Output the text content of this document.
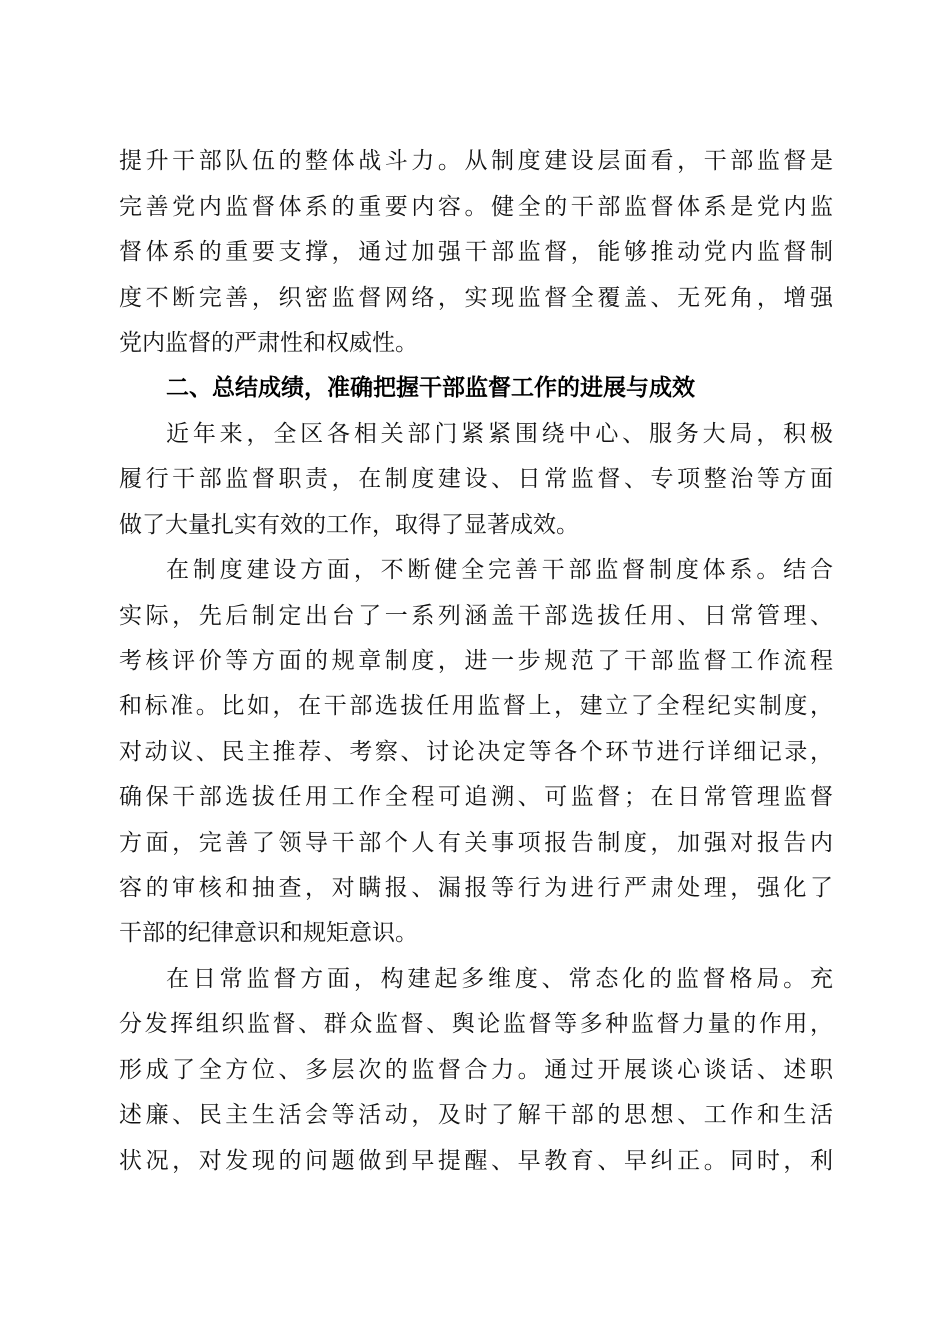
提升干部队伍的整体战斗力。从制度建设层面看，干部监督是
完善党内监督体系的重要内容。健全的干部监督体系是党内监
督体系的重要支撑，通过加强干部监督，能够推动党内监督制
度不断完善，织密监督网络，实现监督全覆盖、无死角，增强
党内监督的严肃性和权威性。
二、总结成绩，准确把握干部监督工作的进展与成效
近年来，全区各相关部门紧紧围绕中心、服务大局，积极
履行干部监督职责，在制度建设、日常监督、专项整治等方面
做了大量扎实有效的工作，取得了显著成效。
在制度建设方面，不断健全完善干部监督制度体系。结合
实际，先后制定出台了一系列涵盖干部选拔任用、日常管理、
考核评价等方面的规章制度，进一步规范了干部监督工作流程
和标准。比如，在干部选拔任用监督上，建立了全程纪实制度，
对动议、民主推荐、考察、讨论决定等各个环节进行详细记录，
确保干部选拔任用工作全程可追溯、可监督；在日常管理监督
方面，完善了领导干部个人有关事项报告制度，加强对报告内
容的审核和抽查，对瞒报、漏报等行为进行严肃处理，强化了
干部的纪律意识和规矩意识。
在日常监督方面，构建起多维度、常态化的监督格局。充
分发挥组织监督、群众监督、舆论监督等多种监督力量的作用，
形成了全方位、多层次的监督合力。通过开展谈心谈话、述职
述廉、民主生活会等活动，及时了解干部的思想、工作和生活
状况，对发现的问题做到早提醒、早教育、早纠正。同时，利
